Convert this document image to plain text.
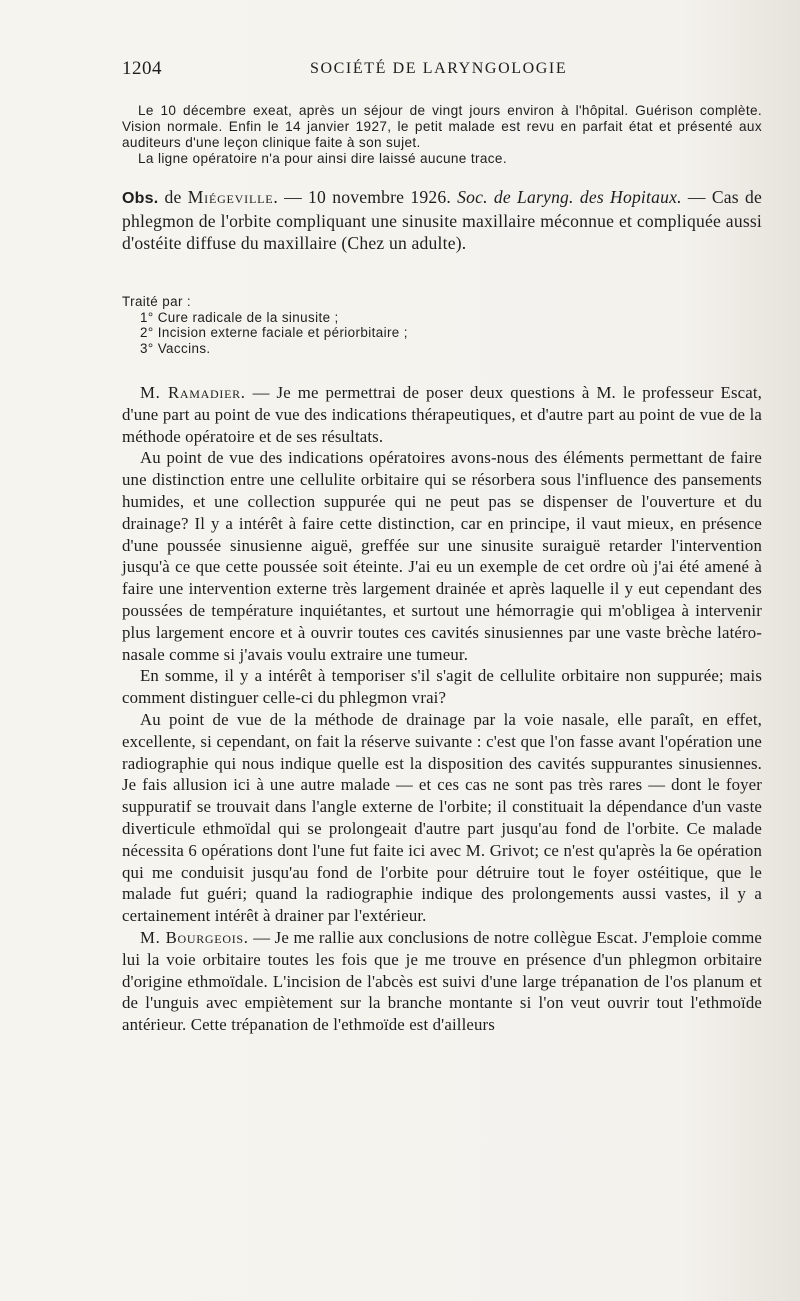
1204	SOCIÉTÉ DE LARYNGOLOGIE
Le 10 décembre exeat, après un séjour de vingt jours environ à l'hôpital. Guérison complète. Vision normale. Enfin le 14 janvier 1927, le petit malade est revu en parfait état et présenté aux auditeurs d'une leçon clinique faite à son sujet.
La ligne opératoire n'a pour ainsi dire laissé aucune trace.
Obs. de Miégeville. — 10 novembre 1926. Soc. de Laryng. des Hopitaux. — Cas de phlegmon de l'orbite compliquant une sinusite maxillaire méconnue et compliquée aussi d'ostéite diffuse du maxillaire (Chez un adulte).
Traité par :
1° Cure radicale de la sinusite ;
2° Incision externe faciale et périorbitaire ;
3° Vaccins.

M. Ramadier. — Je me permettrai de poser deux questions à M. le professeur Escat, d'une part au point de vue des indications thérapeutiques, et d'autre part au point de vue de la méthode opératoire et de ses résultats.

Au point de vue des indications opératoires avons-nous des éléments permettant de faire une distinction entre une cellulite orbitaire qui se résorbera sous l'influence des pansements humides, et une collection suppurée qui ne peut pas se dispenser de l'ouverture et du drainage? Il y a intérêt à faire cette distinction, car en principe, il vaut mieux, en présence d'une poussée sinusienne aiguë, greffée sur une sinusite suraiguë retarder l'intervention jusqu'à ce que cette poussée soit éteinte. J'ai eu un exemple de cet ordre où j'ai été amené à faire une intervention externe très largement drainée et après laquelle il y eut cependant des poussées de température inquiétantes, et surtout une hémorragie qui m'obligea à intervenir plus largement encore et à ouvrir toutes ces cavités sinusiennes par une vaste brèche latéro-nasale comme si j'avais voulu extraire une tumeur.

En somme, il y a intérêt à temporiser s'il s'agit de cellulite orbitaire non suppurée; mais comment distinguer celle-ci du phlegmon vrai?

Au point de vue de la méthode de drainage par la voie nasale, elle paraît, en effet, excellente, si cependant, on fait la réserve suivante : c'est que l'on fasse avant l'opération une radiographie qui nous indique quelle est la disposition des cavités suppurantes sinusiennes. Je fais allusion ici à une autre malade — et ces cas ne sont pas très rares — dont le foyer suppuratif se trouvait dans l'angle externe de l'orbite; il constituait la dépendance d'un vaste diverticule ethmoïdal qui se prolongeait d'autre part jusqu'au fond de l'orbite. Ce malade nécessita 6 opérations dont l'une fut faite ici avec M. Grivot; ce n'est qu'après la 6e opération qui me conduisit jusqu'au fond de l'orbite pour détruire tout le foyer ostéitique, que le malade fut guéri; quand la radiographie indique des prolongements aussi vastes, il y a certainement intérêt à drainer par l'extérieur.

M. Bourgeois. — Je me rallie aux conclusions de notre collègue Escat. J'emploie comme lui la voie orbitaire toutes les fois que je me trouve en présence d'un phlegmon orbitaire d'origine ethmoïdale. L'incision de l'abcès est suivi d'une large trépanation de l'os planum et de l'unguis avec empiètement sur la branche montante si l'on veut ouvrir tout l'ethmoïde antérieur. Cette trépanation de l'ethmoïde est d'ailleurs
